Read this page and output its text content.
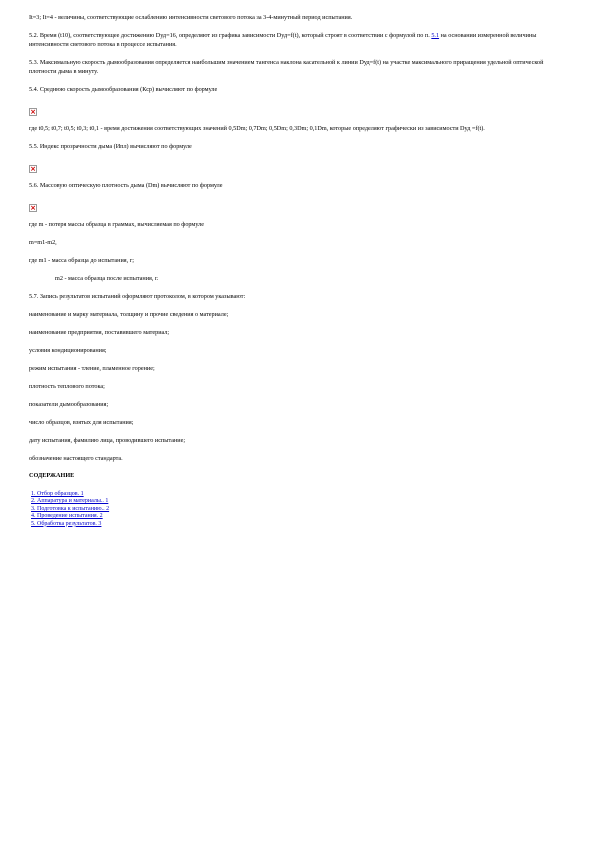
It=3; It=4 - величины, соответствующие ослаблению интенсивности светового потока за 3-4-минутный период испытания.

5.2. Время (t10), соответствующее достижению Dуд=16, определяют из графика зависимости Dуд=f(t), который строят в соответствии с формулой по п. 5.1 на основании измеренной величины интенсивности светового потока в процессе испытания.

5.3. Максимальную скорость дымообразования определяется наибольшим значением тангенса наклона касательной к линии Dуд=f(t) на участке максимального приращения удельной оптической плотности дыма в минуту.

5.4. Среднюю скорость дымообразования (Кср) вычисляют по формуле

×

где t0,5; t0,7; t0,5; t0,3; t0,1 - время достижения соответствующих значений 0,5Dm; 0,7Dm; 0,5Dm; 0,3Dm; 0,1Dm, которые определяют графически из зависимости Dуд =f(t).

5.5. Индекс прозрачности дыма (Ипл) вычисляют по формуле

×

5.6. Массовую оптическую плотность дыма (Dm) вычисляют по формуле

×

где m - потеря массы образца в граммах, вычисляемая по формуле

m=m1-m2,

где m1 - масса образца до испытания, г;

m2 - масса образца после испытания, г.

5.7. Запись результатов испытаний оформляют протоколом, в котором указывают:

наименование и марку материала, толщину и прочие сведения о материале;

наименование предприятия, поставившего материал;

условия кондиционирования;

режим испытания - тление, пламенное горение;

плотность теплового потока;

показатели дымообразования;

число образцов, взятых для испытания;

дату испытания, фамилию лица, проводившего испытание;

обозначение настоящего стандарта.

СОДЕРЖАНИЕ

1. Отбор образцов. 1
2. Аппаратура и материалы.. 1
3. Подготовка к испытанию.. 2
4. Проведение испытания. 2
5. Обработка результатов. 3
